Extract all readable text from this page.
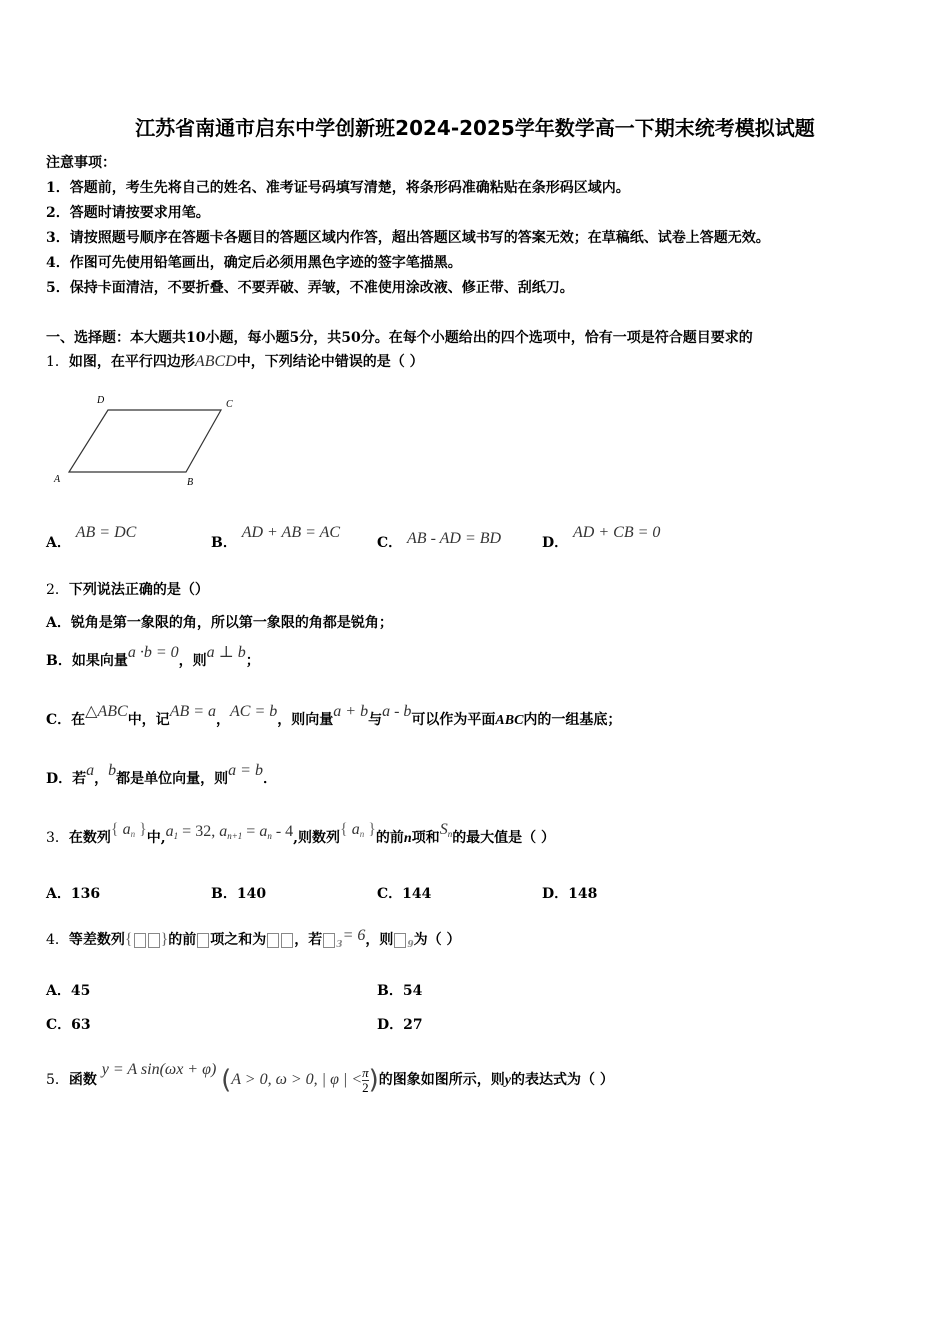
江苏省南通市启东中学创新班2024-2025学年数学高一下期末统考模拟试题
注意事项：
1．答题前，考生先将自己的姓名、准考证号码填写清楚，将条形码准确粘贴在条形码区域内。
2．答题时请按要求用笔。
3．请按照题号顺序在答题卡各题目的答题区域内作答，超出答题区域书写的答案无效；在草稿纸、试卷上答题无效。
4．作图可先使用铅笔画出，确定后必须用黑色字迹的签字笔描黑。
5．保持卡面清洁，不要折叠、不要弄破、弄皱，不准使用涂改液、修正带、刮纸刀。
一、选择题：本大题共10小题，每小题5分，共50分。在每个小题给出的四个选项中，恰有一项是符合题目要求的
1．如图，在平行四边形ABCD中，下列结论中错误的是（ ）
A	B
C
D
A． AB = DC
B． AD + AB = AC
C． AB - AD = BD	D． AD + CB = 0
2．下列说法正确的是（）
A．锐角是第一象限的角，所以第一象限的角都是锐角；
B．如果向量a ·b = 0，则a ⊥ b；
C．在△ABC中，记AB = a，AC = b，则向量a + b与a - b可以作为平面ABC内的一组基底；
D．若a，b都是单位向量，则a = b．
3．在数列{ $a_n$ }中$,a_1 = 32$, $a_{n+1} = a_n - 4$,则数列{ $a_n$ }的前n项和$S_n$的最大值是（ ）
A．136	B．140	C．144	D．148
4．等差数列{ }的前 项之和为 ，若 $_3$= 6，则 $_9$为（ ）
A．45	B．54
C．63	D．27
5．函数 y = A sin(ωx + φ) (A > 0, ω > 0, | φ | < $\frac{\pi}{2}$ )的图象如图所示，则y的表达式为（ ）
